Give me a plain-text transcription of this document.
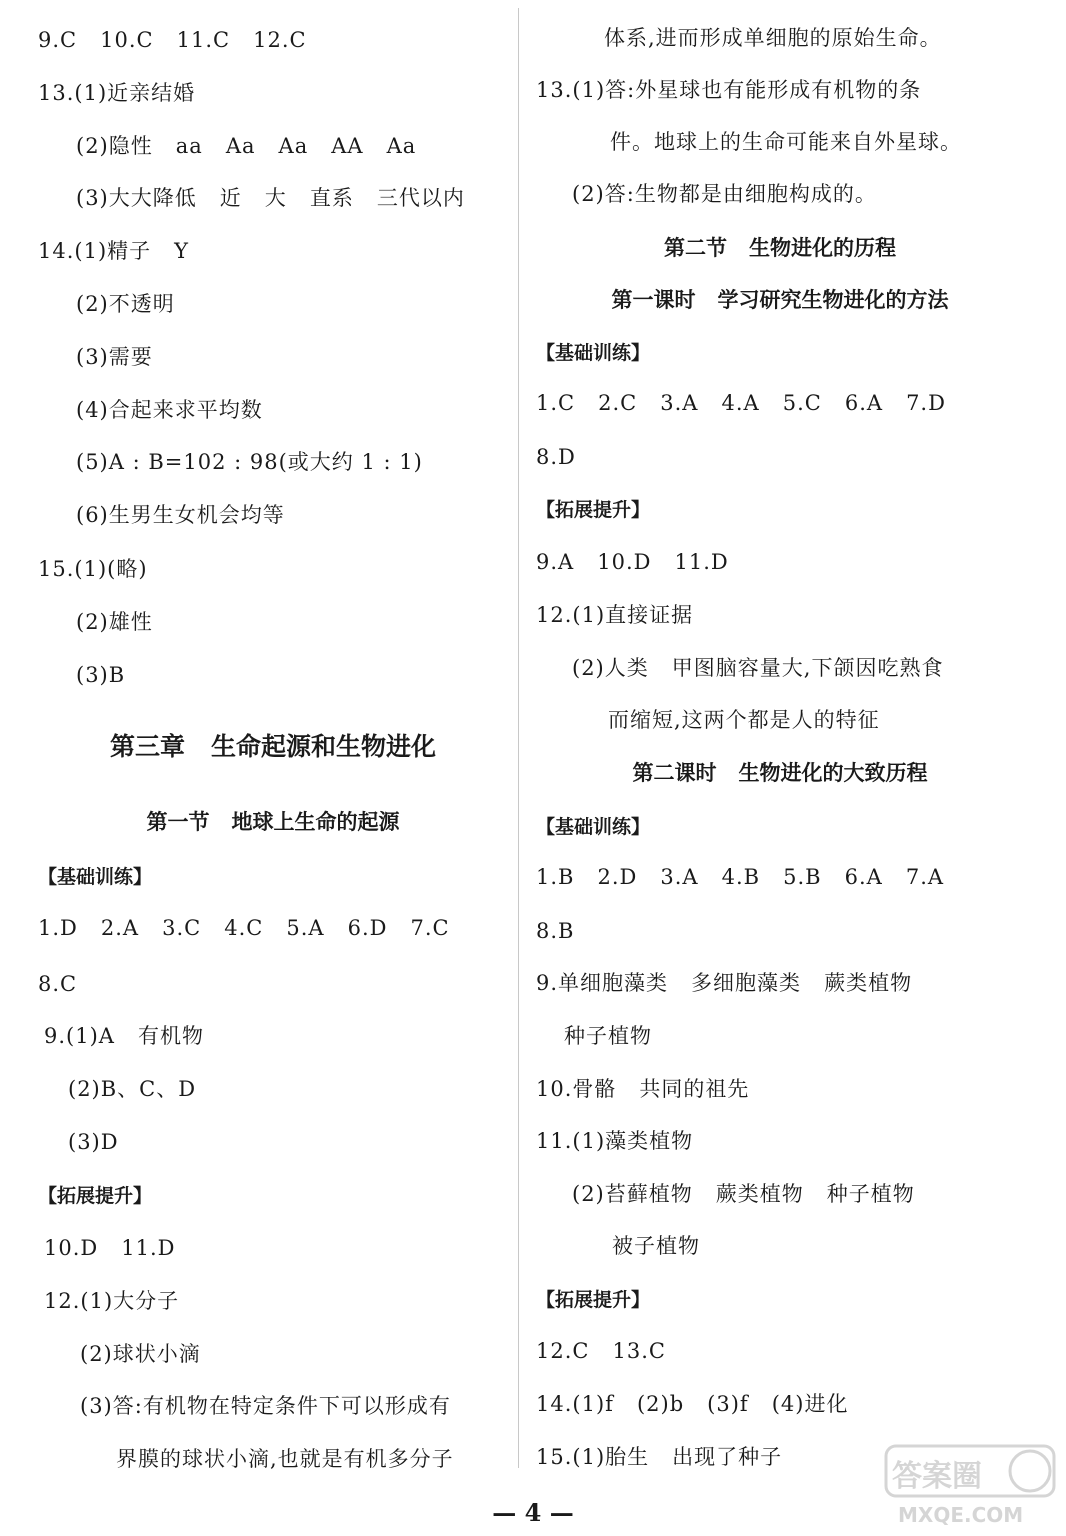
9.C   10.C   11.C   12.C
13.(1)近亲结婚
(2)隐性   aa   Aa   Aa   AA   Aa
(3)大大降低   近   大   直系   三代以内
14.(1)精子   Y
(2)不透明
(3)需要
(4)合起来求平均数
(5)A : B=102 : 98(或大约 1 : 1)
(6)生男生女机会均等
15.(1)(略)
(2)雄性
(3)B
第三章   生命起源和生物进化
第一节   地球上生命的起源
【基础训练】
1.D   2.A   3.C   4.C   5.A   6.D   7.C
8.C
9.(1)A   有机物
(2)B、C、D
(3)D
【拓展提升】
10.D   11.D
12.(1)大分子
(2)球状小滴
(3)答:有机物在特定条件下可以形成有
界膜的球状小滴,也就是有机多分子
体系,进而形成单细胞的原始生命。
13.(1)答:外星球也有能形成有机物的条
件。地球上的生命可能来自外星球。
(2)答:生物都是由细胞构成的。
第二节   生物进化的历程
第一课时   学习研究生物进化的方法
【基础训练】
1.C   2.C   3.A   4.A   5.C   6.A   7.D
8.D
【拓展提升】
9.A   10.D   11.D
12.(1)直接证据
(2)人类   甲图脑容量大,下颌因吃熟食
而缩短,这两个都是人的特征
第二课时   生物进化的大致历程
【基础训练】
1.B   2.D   3.A   4.B   5.B   6.A   7.A
8.B
9.单细胞藻类   多细胞藻类   蕨类植物
种子植物
10.骨骼   共同的祖先
11.(1)藻类植物
(2)苔藓植物   蕨类植物   种子植物
被子植物
【拓展提升】
12.C   13.C
14.(1)f   (2)b   (3)f   (4)进化
15.(1)胎生   出现了种子
— 4 —
答案圈
MXQE.COM
